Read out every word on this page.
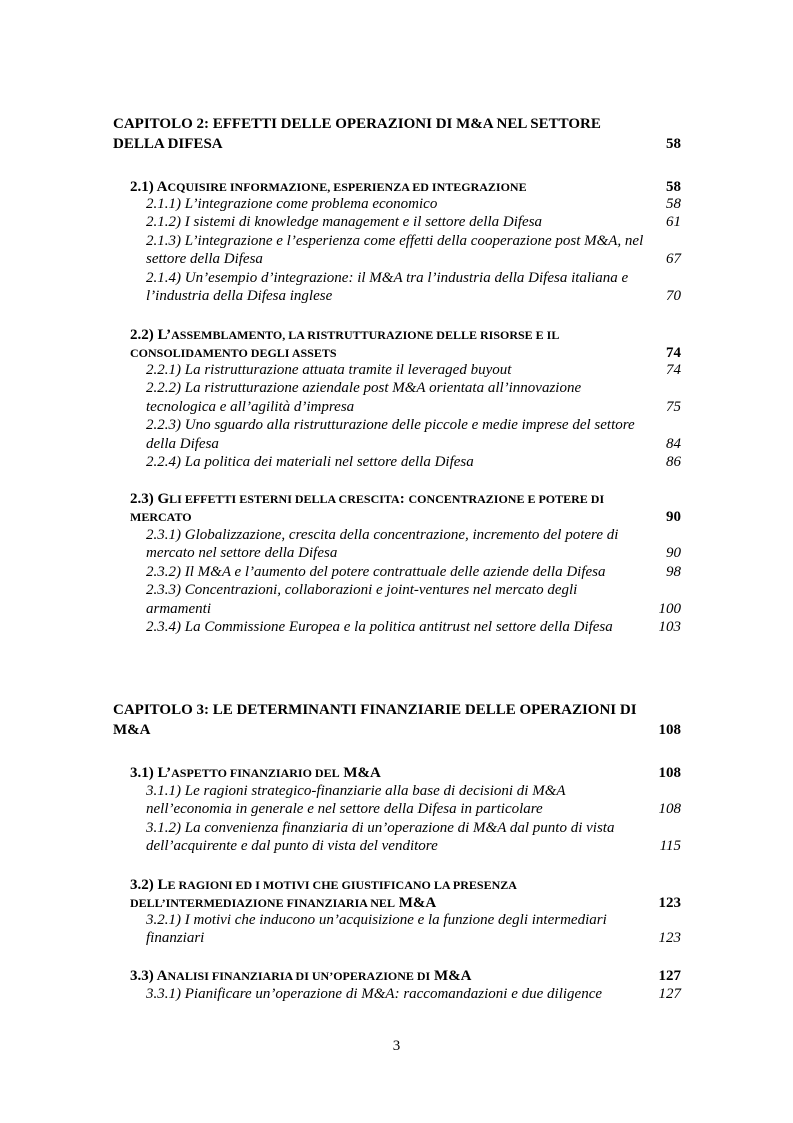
CAPITOLO 2: EFFETTI DELLE OPERAZIONI DI M&A NEL SETTORE
DELLA DIFESA	58
2.1) ACQUISIRE INFORMAZIONE, ESPERIENZA ED INTEGRAZIONE	58
2.1.1) L’integrazione come problema economico	58
2.1.2) I sistemi di knowledge management e il settore della Difesa	61
2.1.3) L’integrazione e l’esperienza come effetti della cooperazione post M&A, nel
settore della Difesa	67
2.1.4) Un’esempio d’integrazione: il M&A tra l’industria della Difesa italiana e
l’industria della Difesa inglese	70
2.2) L’ASSEMBLAMENTO, LA RISTRUTTURAZIONE DELLE RISORSE E IL
CONSOLIDAMENTO DEGLI ASSETS	74
2.2.1) La ristrutturazione attuata tramite il leveraged buyout	74
2.2.2) La ristrutturazione aziendale post M&A orientata all’innovazione
tecnologica e all’agilità d’impresa	75
2.2.3) Uno sguardo alla ristrutturazione delle piccole e medie imprese del settore
della Difesa	84
2.2.4) La politica dei materiali nel settore della Difesa	86
2.3) GLI EFFETTI ESTERNI DELLA CRESCITA: CONCENTRAZIONE E POTERE DI
MERCATO	90
2.3.1) Globalizzazione, crescita della concentrazione, incremento del potere di
mercato nel settore della Difesa	90
2.3.2) Il M&A e l’aumento del potere contrattuale delle aziende della Difesa	98
2.3.3) Concentrazioni, collaborazioni e joint-ventures nel mercato degli
armamenti	100
2.3.4) La Commissione Europea e la politica antitrust nel settore della Difesa	103
CAPITOLO 3: LE DETERMINANTI FINANZIARIE DELLE OPERAZIONI DI
M&A	108
3.1) L’ASPETTO FINANZIARIO DEL M&A	108
3.1.1) Le ragioni strategico-finanziarie alla base di decisioni di M&A
nell’economia in generale e nel settore della Difesa in particolare	108
3.1.2) La convenienza finanziaria di un’operazione di M&A dal punto di vista
dell’acquirente e dal punto di vista del venditore	115
3.2) LE RAGIONI ED I MOTIVI CHE GIUSTIFICANO LA PRESENZA
DELL’INTERMEDIAZIONE FINANZIARIA NEL M&A	123
3.2.1) I motivi che inducono un’acquisizione e la funzione degli intermediari
finanziari	123
3.3) ANALISI FINANZIARIA DI UN’OPERAZIONE DI M&A	127
3.3.1) Pianificare un’operazione di M&A: raccomandazioni e due diligence	127
3
